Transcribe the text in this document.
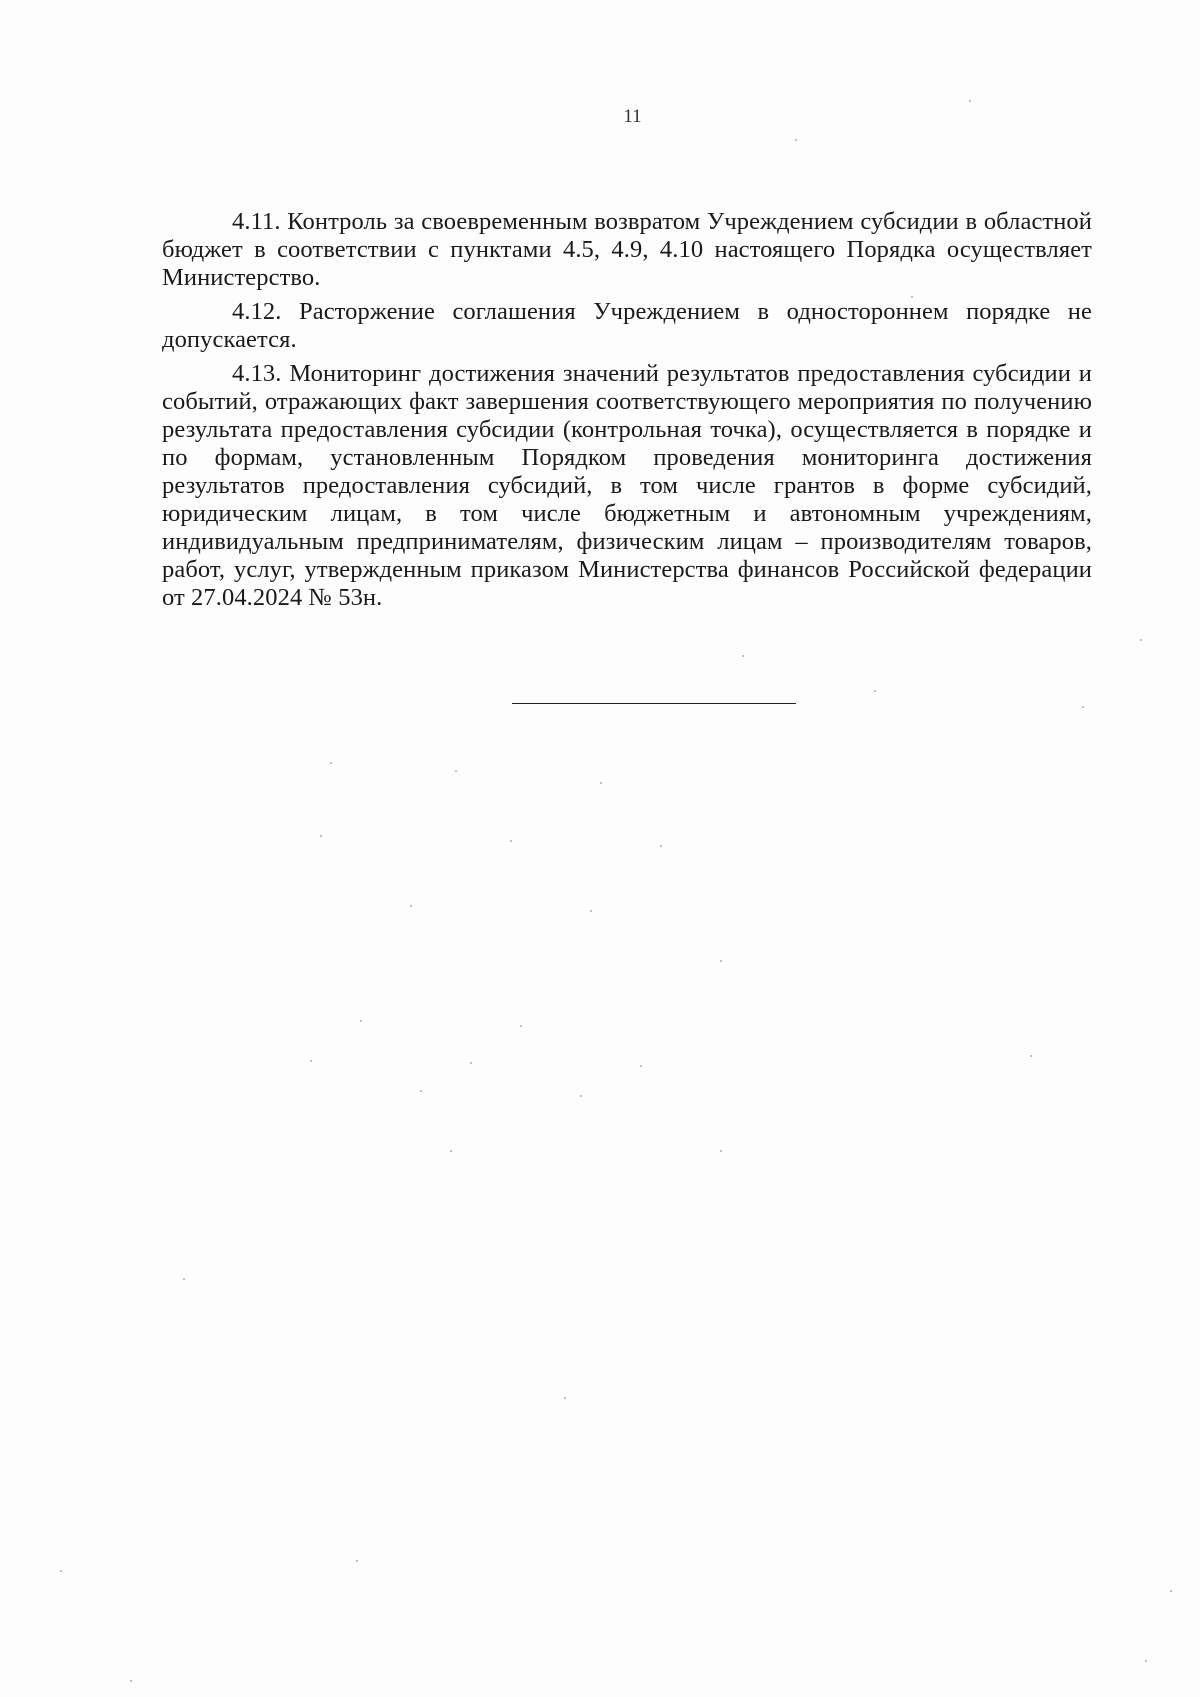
11

4.11. Контроль за своевременным возвратом Учреждением субсидии в областной бюджет в соответствии с пунктами 4.5, 4.9, 4.10 настоящего Порядка осуществляет Министерство.

4.12. Расторжение соглашения Учреждением в одностороннем порядке не допускается.

4.13. Мониторинг достижения значений результатов предоставления субсидии и событий, отражающих факт завершения соответствующего мероприятия по получению результата предоставления субсидии (контрольная точка), осуществляется в порядке и по формам, установленным Порядком проведения мониторинга достижения результатов предоставления субсидий, в том числе грантов в форме субсидий, юридическим лицам, в том числе бюджетным и автономным учреждениям, индивидуальным предпринимателям, физическим лицам – производителям товаров, работ, услуг, утвержденным приказом Министерства финансов Российской федерации от 27.04.2024 № 53н.
